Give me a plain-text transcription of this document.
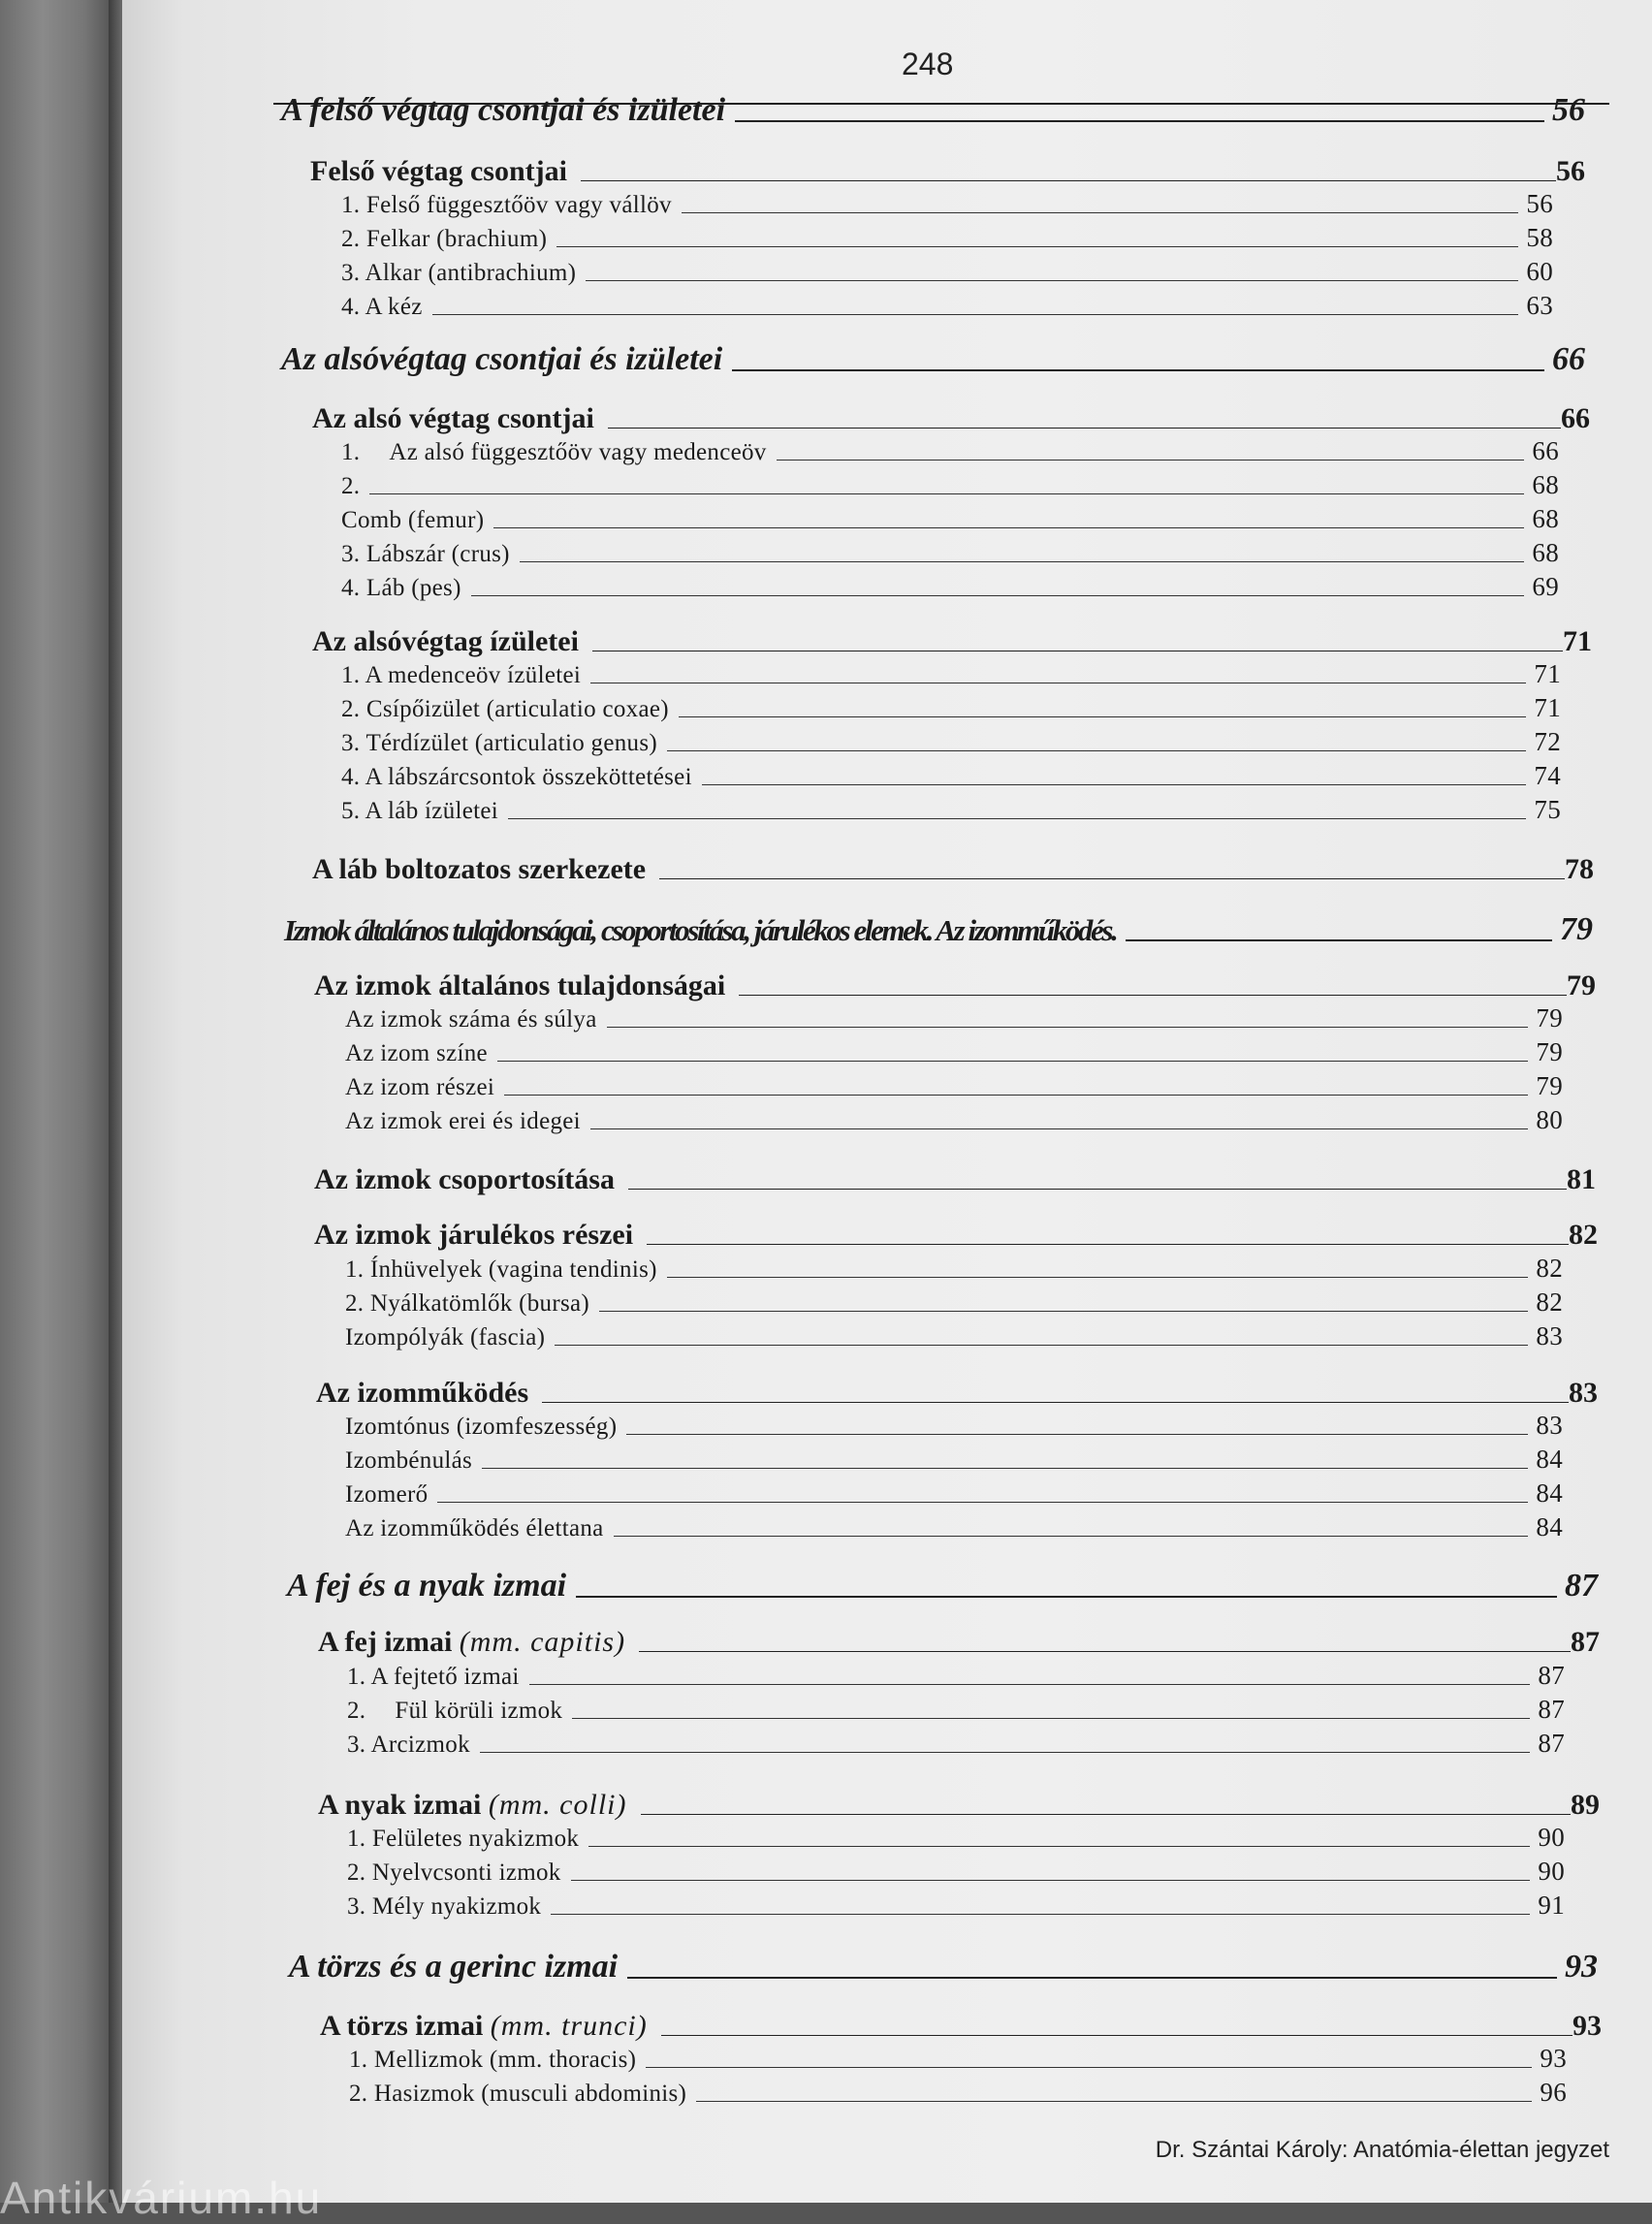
Antikvárium.hu
248
A felső végtag csontjai és izületei	56
Felső végtag csontjai	56
1. Felső függesztőöv vagy vállöv	56
2. Felkar (brachium)	58
3. Alkar (antibrachium)	60
4. A kéz	63
Az alsóvégtag csontjai és izületei	66
Az alsó végtag csontjai	66
1. Az alsó függesztőöv vagy medenceöv	66
2.	68
Comb (femur)	68
3. Lábszár (crus)	68
4. Láb (pes)	69
Az alsóvégtag ízületei	71
1. A medenceöv ízületei	71
2. Csípőizület (articulatio coxae)	71
3. Térdízület (articulatio genus)	72
4. A lábszárcsontok összeköttetései	74
5. A láb ízületei	75
A láb boltozatos szerkezete	78
Izmok általános tulajdonságai, csoportosítása, járulékos elemek. Az izomműködés.	79
Az izmok általános tulajdonságai	79
Az izmok száma és súlya	79
Az izom színe	79
Az izom részei	79
Az izmok erei és idegei	80
Az izmok csoportosítása	81
Az izmok járulékos részei	82
1. Ínhüvelyek (vagina tendinis)	82
2. Nyálkatömlők (bursa)	82
Izompólyák (fascia)	83
Az izomműködés	83
Izomtónus (izomfeszesség)	83
Izombénulás	84
Izomerő	84
Az izomműködés élettana	84
A fej és a nyak izmai	87
A fej izmai (mm. capitis)	87
1. A fejtető izmai	87
2. Fül körüli izmok	87
3. Arcizmok	87
A nyak izmai (mm. colli)	89
1. Felületes nyakizmok	90
2. Nyelvcsonti izmok	90
3. Mély nyakizmok	91
A törzs és a gerinc izmai	93
A törzs izmai (mm. trunci)	93
1. Mellizmok (mm. thoracis)	93
2. Hasizmok (musculi abdominis)	96
Dr. Szántai Károly: Anatómia-élettan jegyzet
